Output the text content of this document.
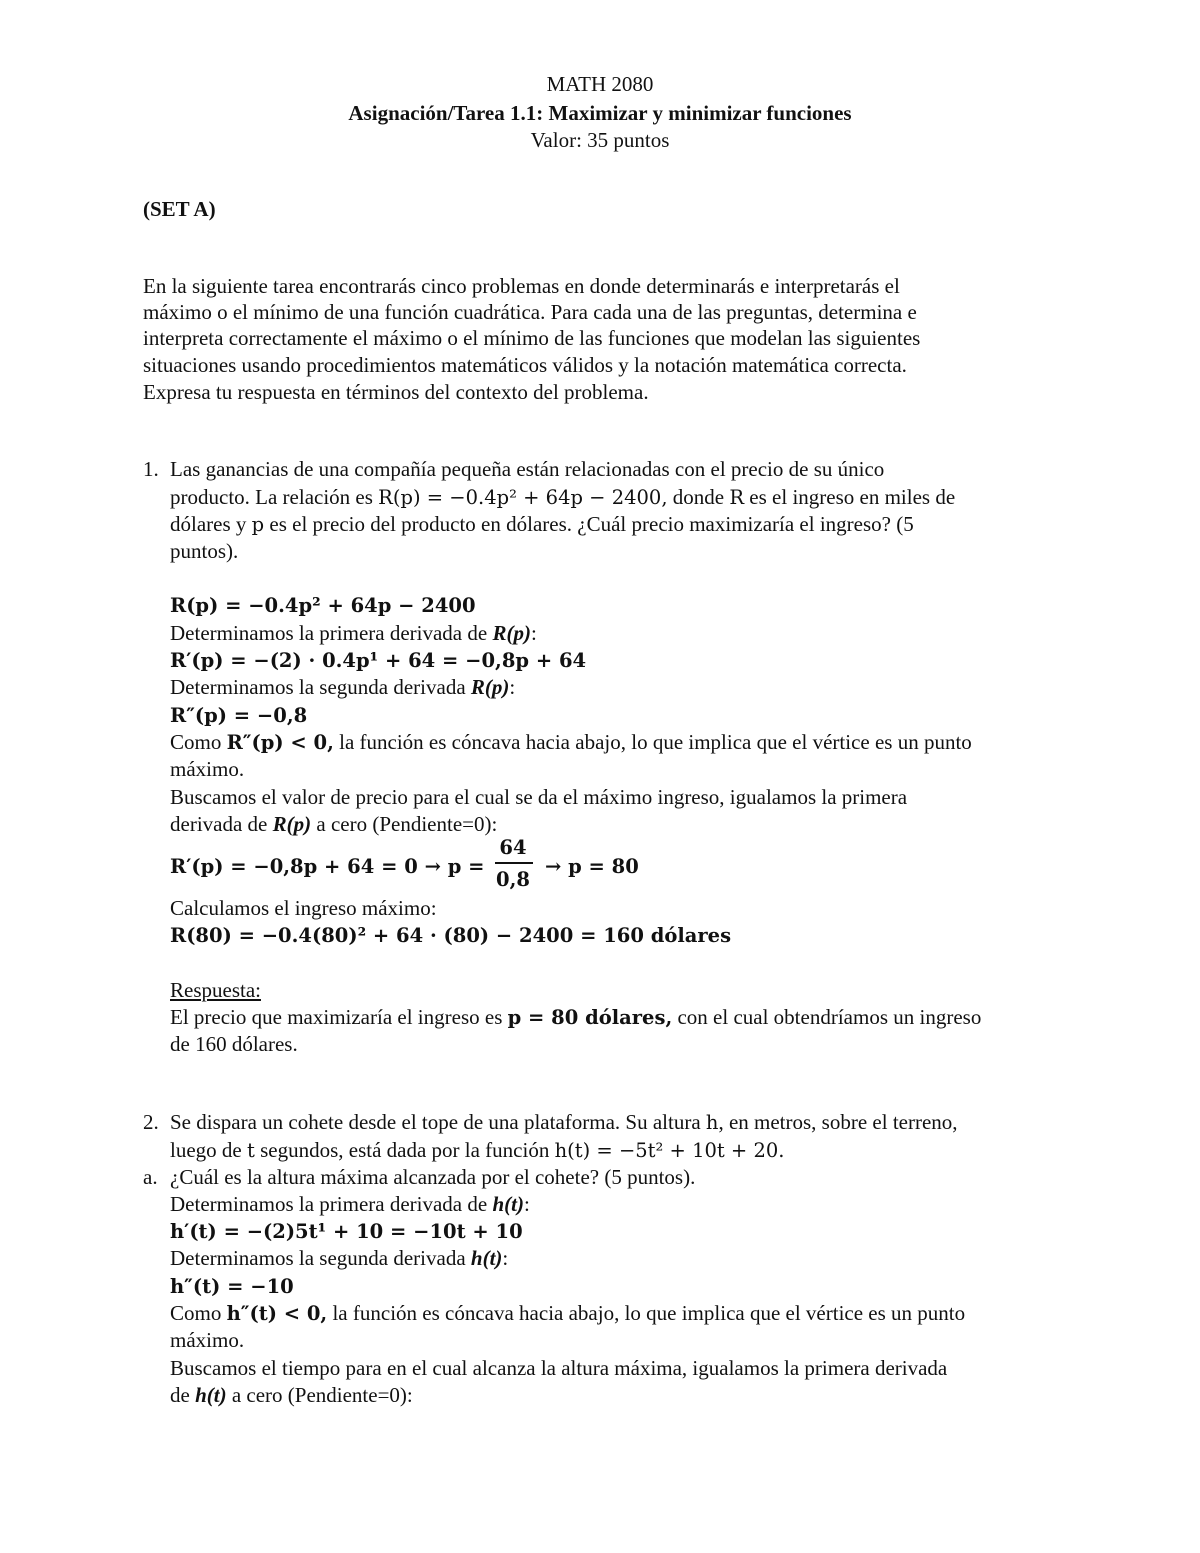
MATH 2080
Asignación/Tarea 1.1: Maximizar y minimizar funciones
Valor: 35 puntos
(SET A)
En la siguiente tarea encontrarás cinco problemas en donde determinarás e interpretarás el
máximo o el mínimo de una función cuadrática. Para cada una de las preguntas, determina e
interpreta correctamente el máximo o el mínimo de las funciones que modelan las siguientes
situaciones usando procedimientos matemáticos válidos y la notación matemática correcta.
Expresa tu respuesta en términos del contexto del problema.
1. Las ganancias de una compañía pequeña están relacionadas con el precio de su único
producto. La relación es R(p) = −0.4p² + 64p − 2400, donde R es el ingreso en miles de
dólares y p es el precio del producto en dólares. ¿Cuál precio maximizaría el ingreso? (5
puntos).
R(p) = −0.4p² + 64p − 2400
Determinamos la primera derivada de R(p):
R′(p) = −(2) · 0.4p¹ + 64 = −0,8p + 64
Determinamos la segunda derivada R(p):
R″(p) = −0,8
Como R″(p) < 0, la función es cóncava hacia abajo, lo que implica que el vértice es un punto
máximo.
Buscamos el valor de precio para el cual se da el máximo ingreso, igualamos la primera
derivada de R(p) a cero (Pendiente=0):
R′(p) = −0,8p + 64 = 0 → p =
64
0,8
→ p = 80
Calculamos el ingreso máximo:
R(80) = −0.4(80)² + 64 · (80) − 2400 = 160 dólares
Respuesta:
El precio que maximizaría el ingreso es p = 80 dólares, con el cual obtendríamos un ingreso
de 160 dólares.
2. Se dispara un cohete desde el tope de una plataforma. Su altura h, en metros, sobre el terreno,
luego de t segundos, está dada por la función h(t) = −5t² + 10t + 20.
a. ¿Cuál es la altura máxima alcanzada por el cohete? (5 puntos).
Determinamos la primera derivada de h(t):
h′(t) = −(2)5t¹ + 10 = −10t + 10
Determinamos la segunda derivada h(t):
h″(t) = −10
Como h″(t) < 0, la función es cóncava hacia abajo, lo que implica que el vértice es un punto
máximo.
Buscamos el tiempo para en el cual alcanza la altura máxima, igualamos la primera derivada
de h(t) a cero (Pendiente=0):
